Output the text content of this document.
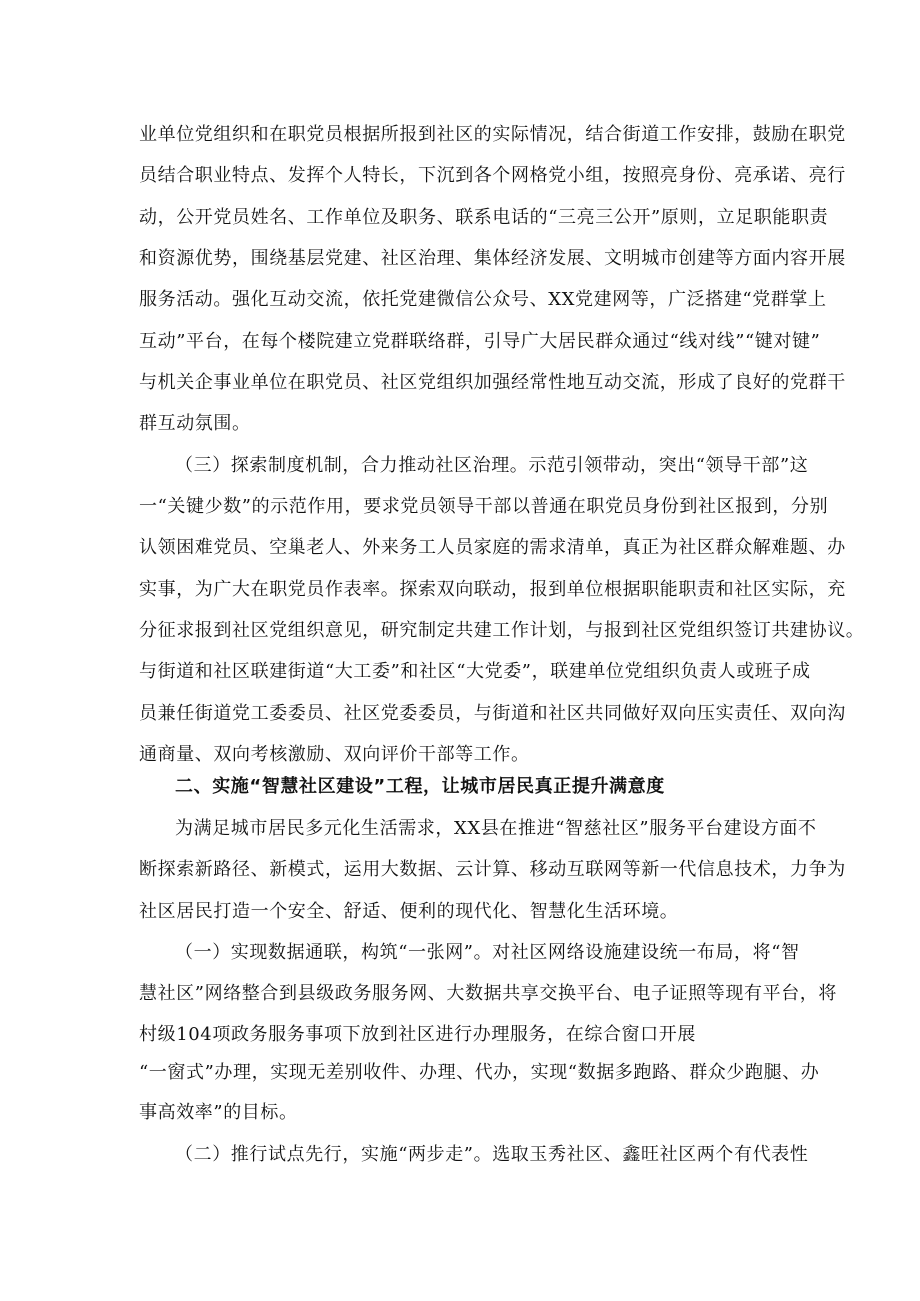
业单位党组织和在职党员根据所报到社区的实际情况，结合街道工作安排，鼓励在职党
员结合职业特点、发挥个人特长，下沉到各个网格党小组，按照亮身份、亮承诺、亮行
动，公开党员姓名、工作单位及职务、联系电话的“三亮三公开”原则，立足职能职责
和资源优势，围绕基层党建、社区治理、集体经济发展、文明城市创建等方面内容开展
服务活动。强化互动交流，依托党建微信公众号、XX党建网等，广泛搭建“党群掌上
互动”平台，在每个楼院建立党群联络群，引导广大居民群众通过“线对线”“键对键”
与机关企事业单位在职党员、社区党组织加强经常性地互动交流，形成了良好的党群干
群互动氛围。
（三）探索制度机制，合力推动社区治理。示范引领带动，突出“领导干部”这
一“关键少数”的示范作用，要求党员领导干部以普通在职党员身份到社区报到，分别
认领困难党员、空巢老人、外来务工人员家庭的需求清单，真正为社区群众解难题、办
实事，为广大在职党员作表率。探索双向联动，报到单位根据职能职责和社区实际，充
分征求报到社区党组织意见，研究制定共建工作计划，与报到社区党组织签订共建协议。
与街道和社区联建街道“大工委”和社区“大党委”，联建单位党组织负责人或班子成
员兼任街道党工委委员、社区党委委员，与街道和社区共同做好双向压实责任、双向沟
通商量、双向考核激励、双向评价干部等工作。
二、实施“智慧社区建设”工程，让城市居民真正提升满意度
为满足城市居民多元化生活需求，XX县在推进“智慈社区”服务平台建设方面不
断探索新路径、新模式，运用大数据、云计算、移动互联网等新一代信息技术，力争为
社区居民打造一个安全、舒适、便利的现代化、智慧化生活环境。
（一）实现数据通联，构筑“一张网”。对社区网络设施建设统一布局，将“智
慧社区”网络整合到县级政务服务网、大数据共享交换平台、电子证照等现有平台，将
村级104项政务服务事项下放到社区进行办理服务，在综合窗口开展
“一窗式”办理，实现无差别收件、办理、代办，实现“数据多跑路、群众少跑腿、办
事高效率”的目标。
（二）推行试点先行，实施“两步走”。选取玉秀社区、鑫旺社区两个有代表性
